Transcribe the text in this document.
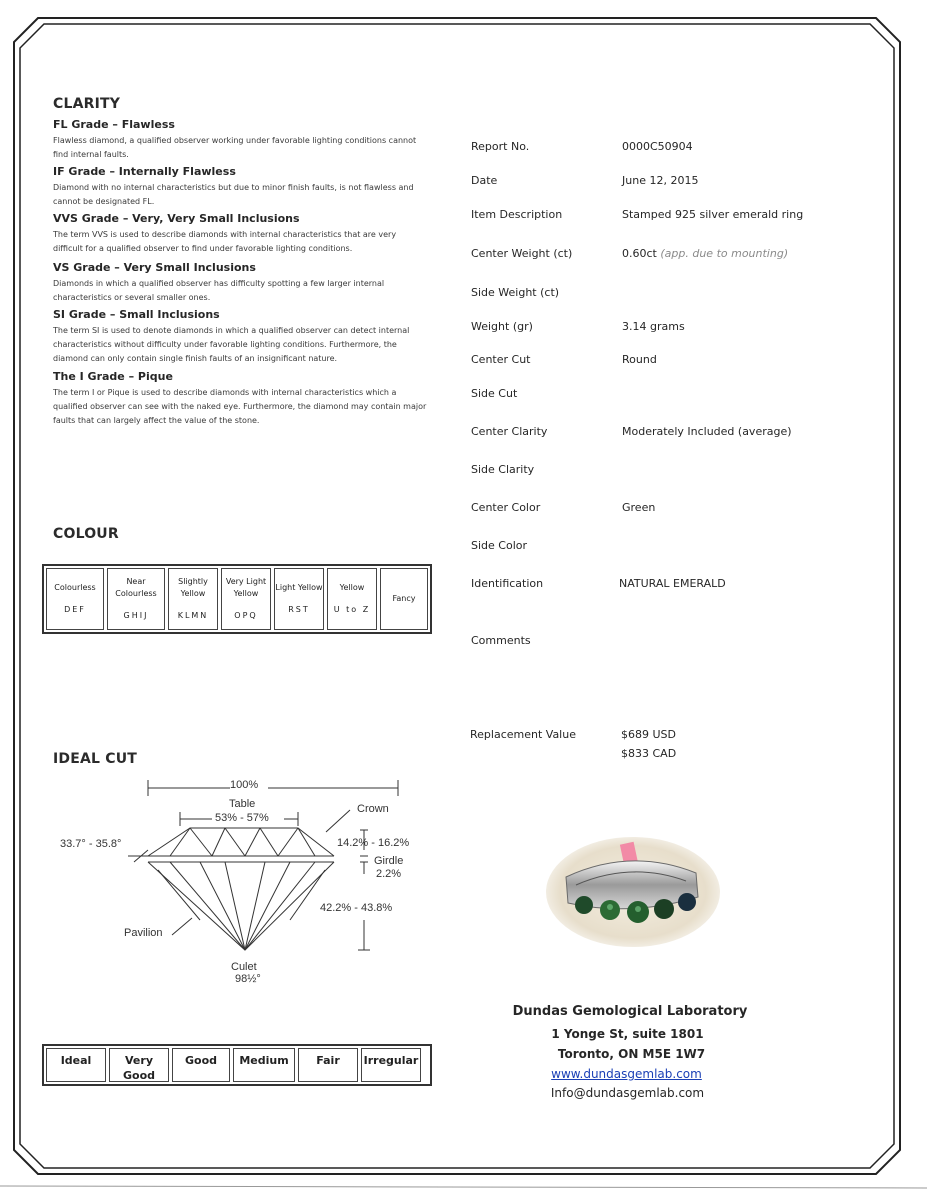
CLARITY
FL Grade – Flawless
Flawless diamond, a qualified observer working under favorable lighting conditions cannot find internal faults.
IF Grade – Internally Flawless
Diamond with no internal characteristics but due to minor finish faults, is not flawless and cannot be designated FL.
VVS Grade – Very, Very Small Inclusions
The term VVS is used to describe diamonds with internal characteristics that are very difficult for a qualified observer to find under favorable lighting conditions.
VS Grade – Very Small Inclusions
Diamonds in which a qualified observer has difficulty spotting a few larger internal characteristics or several smaller ones.
SI Grade – Small Inclusions
The term SI is used to denote diamonds in which a qualified observer can detect internal characteristics without difficulty under favorable lighting conditions. Furthermore, the diamond can only contain single finish faults of an insignificant nature.
The I Grade – Pique
The term I or Pique is used to describe diamonds with internal characteristics which a qualified observer can see with the naked eye. Furthermore, the diamond may contain major faults that can largely affect the value of the stone.
COLOUR
Colourless
DEF
Near Colourless
GHIJ
Slightly Yellow
KLMN
Very Light Yellow
OPQ
Light Yellow
RST
Yellow
U to Z
Fancy
IDEAL CUT
100%
Table
53% - 57%
Crown
33.7° - 35.8°	14.2% - 16.2%
Girdle
2.2%
42.2% - 43.8%
Pavilion
Culet
98½°
Ideal	Very Good
Good	Medium	Fair	Irregular
Report No.	0000C50904
Date	June 12, 2015
Item Description	Stamped 925 silver emerald ring
Center Weight (ct)	0.60ct (app. due to mounting)
Side Weight (ct)
Weight (gr)	3.14 grams
Center Cut	Round
Side Cut
Center Clarity	Moderately Included (average)
Side Clarity
Center Color	Green
Side Color
Identification	NATURAL EMERALD
Comments
Replacement Value	$689 USD
$833 CAD
Dundas Gemological Laboratory
1 Yonge St, suite 1801
Toronto, ON M5E 1W7
www.dundasgemlab.com
Info@dundasgemlab.com
